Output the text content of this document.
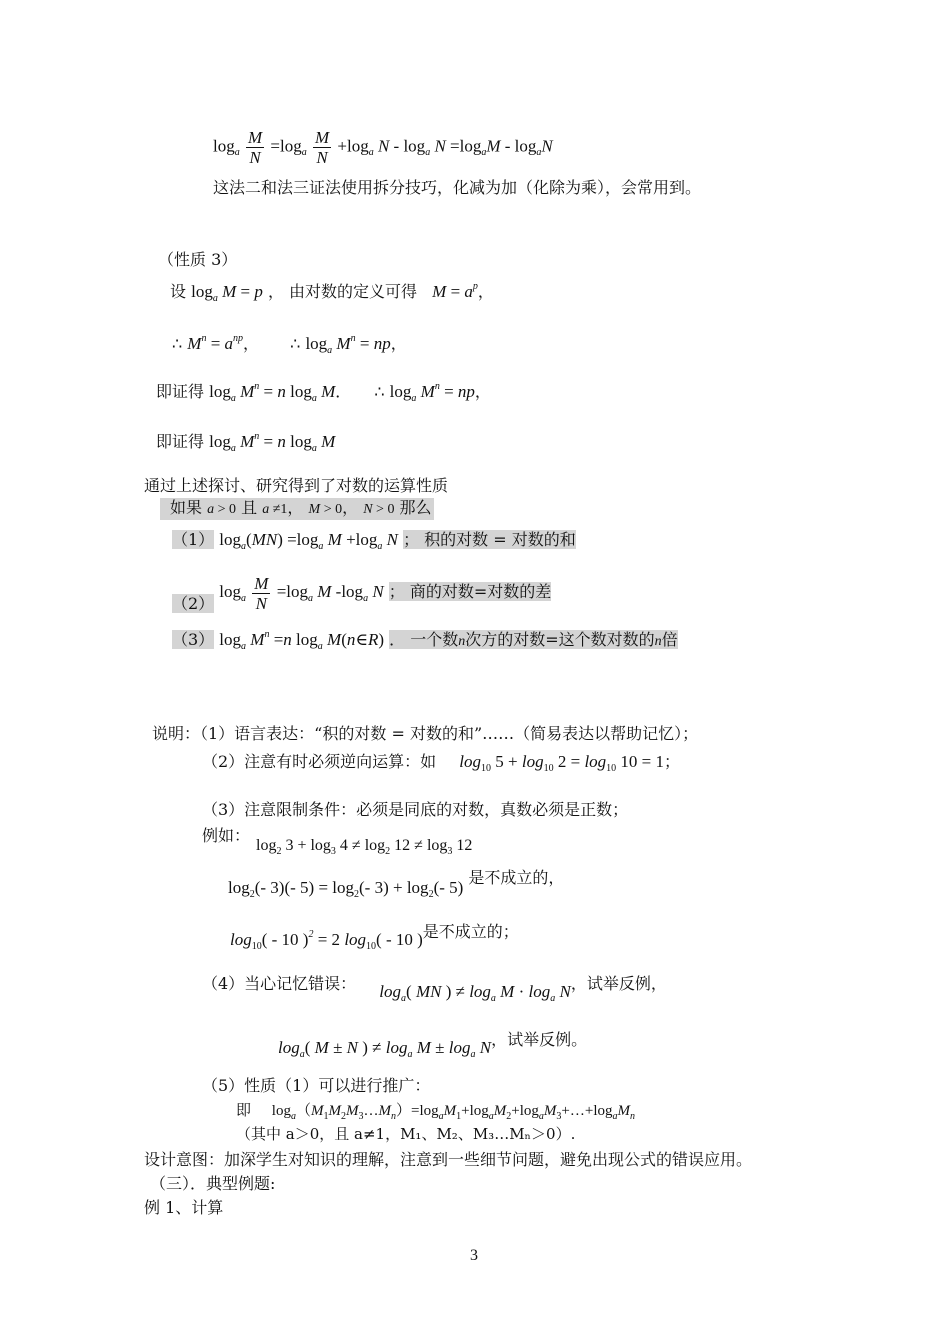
$\log_a \frac{M}{N} =\log_a \frac{M}{N} +\log_a$ $N - \log_a N =\log_aM - \log_aN$
这法二和法三证法使用拆分技巧，化减为加（化除为乘），会常用到。
（性质 3）
设 $\log_a M = p$ ， 由对数的定义可得 $M = a^p$，
∴ $M^n = a^{np}$， ∴ $\log_a M^n$ = np，
即证得 $\log_a M^n = n$ $\log_a M$． ∴ $\log_a M^n$ = np，
即证得 $\log_a M^n = n$ $\log_a M$
通过上述探讨、研究得到了对数的运算性质
如果 a > 0 且 a ≠1， M > 0， N > 0 那么
（1） $\log_a(MN) =\log_a$ $M +\log_a$ N ； 积的对数 = 对数的和
（2） $\log_a \frac{M}{N} =\log_a$ M $-\log_a$ N ； 商的对数=对数的差
（3） $\log_a M^n =n$ $\log_a$ M(n∈R) ． 一个数n次方的对数=这个数对数的n倍
说明：（1）语言表达：“积的对数 = 对数的和”……（简易表达以帮助记忆）；
（2）注意有时必须逆向运算：如 $\log_{10} 5 + \log_{10} 2 = \log_{10} 10 = 1$；
（3）注意限制条件：必须是同底的对数，真数必须是正数；
例如：
$\log_2 3 + \log_3 4 \ne \log_2 12 \ne \log_3 12$
$\log_2(-$ 3)(- $5) = \log_2(-$ $3) + \log_2(-$ 5) 是不成立的，
$\log_{10}( - 10$ )$^2$ = 2 $\log_{10}( - 10$ )是不成立的；
（4）当心记忆错误： $\log_a$( MN ) ≠ $\log_a M \cdot \log_a N$，试举反例，
$\log_a$( M ± N ) ≠ $\log_a M \pm \log_a N$，试举反例。
（5）性质（1）可以进行推广：
即 $\log_a(M_1M_2M_3\dots M_n)=\log_aM_1+\log_aM_2+\log_aM_3+\dots+\log_aM_n$
（其中 a＞0，且 a≠1，M₁、M₂、M₃…Mₙ＞0）.
设计意图：加深学生对知识的理解，注意到一些细节问题，避免出现公式的错误应用。
（三）．典型例题:
例 1、计算
3
